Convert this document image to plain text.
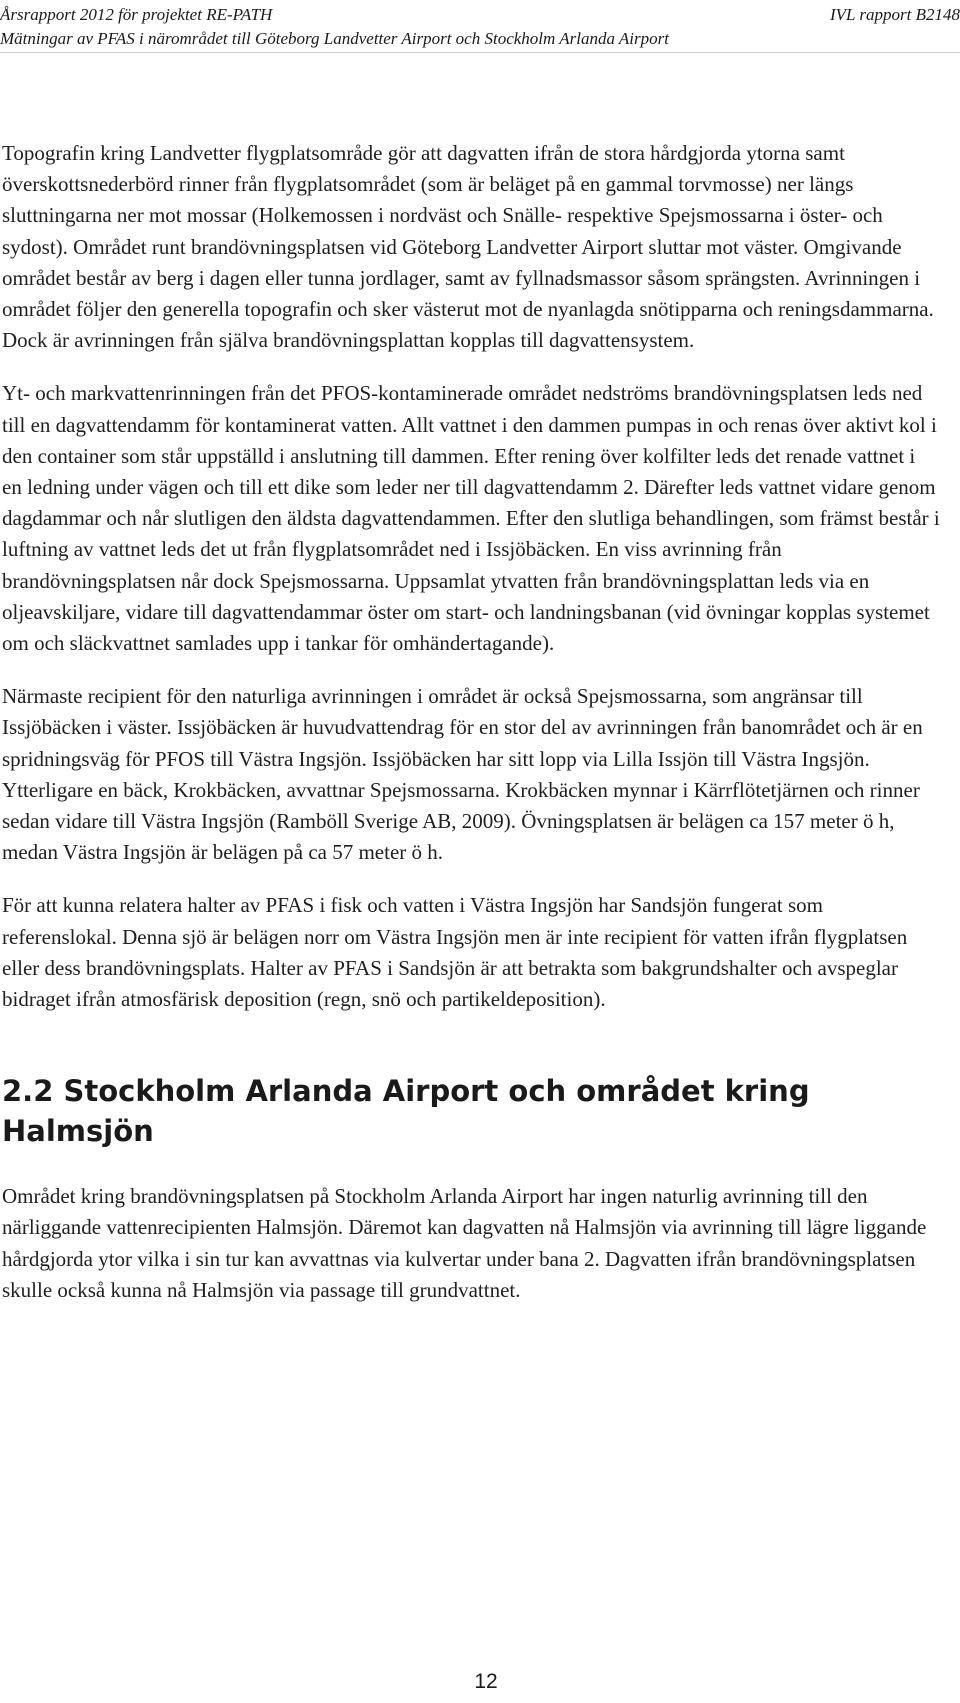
Årsrapport 2012 för projektet RE-PATH
Mätningar av PFAS i närområdet till Göteborg Landvetter Airport och Stockholm Arlanda Airport
IVL rapport B2148

Topografin kring Landvetter flygplatsområde gör att dagvatten ifrån de stora hårdgjorda ytorna samt överskottsnederbörd rinner från flygplatsområdet (som är beläget på en gammal torvmosse) ner längs sluttningarna ner mot mossar (Holkemossen i nordväst och Snälle- respektive Spejsmossarna i öster- och sydost). Området runt brandövningsplatsen vid Göteborg Landvetter Airport sluttar mot väster. Omgivande området består av berg i dagen eller tunna jordlager, samt av fyllnadsmassor såsom sprängsten. Avrinningen i området följer den generella topografin och sker västerut mot de nyanlagda snötipparna och reningsdammarna. Dock är avrinningen från själva brandövningsplattan kopplas till dagvattensystem.

Yt- och markvattenrinningen från det PFOS-kontaminerade området nedströms brandövningsplatsen leds ned till en dagvattendamm för kontaminerat vatten. Allt vattnet i den dammen pumpas in och renas över aktivt kol i den container som står uppställd i anslutning till dammen. Efter rening över kolfilter leds det renade vattnet i en ledning under vägen och till ett dike som leder ner till dagvattendamm 2. Därefter leds vattnet vidare genom dagdammar och når slutligen den äldsta dagvattendammen. Efter den slutliga behandlingen, som främst består i luftning av vattnet leds det ut från flygplatsområdet ned i Issjöbäcken. En viss avrinning från brandövningsplatsen når dock Spejsmossarna. Uppsamlat ytvatten från brandövningsplattan leds via en oljeavskiljare, vidare till dagvattendammar öster om start- och landningsbanan (vid övningar kopplas systemet om och släckvattnet samlades upp i tankar för omhändertagande).

Närmaste recipient för den naturliga avrinningen i området är också Spejsmossarna, som angränsar till Issjöbäcken i väster. Issjöbäcken är huvudvattendrag för en stor del av avrinningen från banområdet och är en spridningsväg för PFOS till Västra Ingsjön. Issjöbäcken har sitt lopp via Lilla Issjön till Västra Ingsjön. Ytterligare en bäck, Krokbäcken, avvattnar Spejsmossarna. Krokbäcken mynnar i Kärrflötetjärnen och rinner sedan vidare till Västra Ingsjön (Ramböll Sverige AB, 2009). Övningsplatsen är belägen ca 157 meter ö h, medan Västra Ingsjön är belägen på ca 57 meter ö h.

För att kunna relatera halter av PFAS i fisk och vatten i Västra Ingsjön har Sandsjön fungerat som referenslokal. Denna sjö är belägen norr om Västra Ingsjön men är inte recipient för vatten ifrån flygplatsen eller dess brandövningsplats. Halter av PFAS i Sandsjön är att betrakta som bakgrundshalter och avspeglar bidraget ifrån atmosfärisk deposition (regn, snö och partikeldeposition).

2.2 Stockholm Arlanda Airport och området kring Halmsjön

Området kring brandövningsplatsen på Stockholm Arlanda Airport har ingen naturlig avrinning till den närliggande vattenrecipienten Halmsjön. Däremot kan dagvatten nå Halmsjön via avrinning till lägre liggande hårdgjorda ytor vilka i sin tur kan avvattnas via kulvertar under bana 2. Dagvatten ifrån brandövningsplatsen skulle också kunna nå Halmsjön via passage till grundvattnet.

12
